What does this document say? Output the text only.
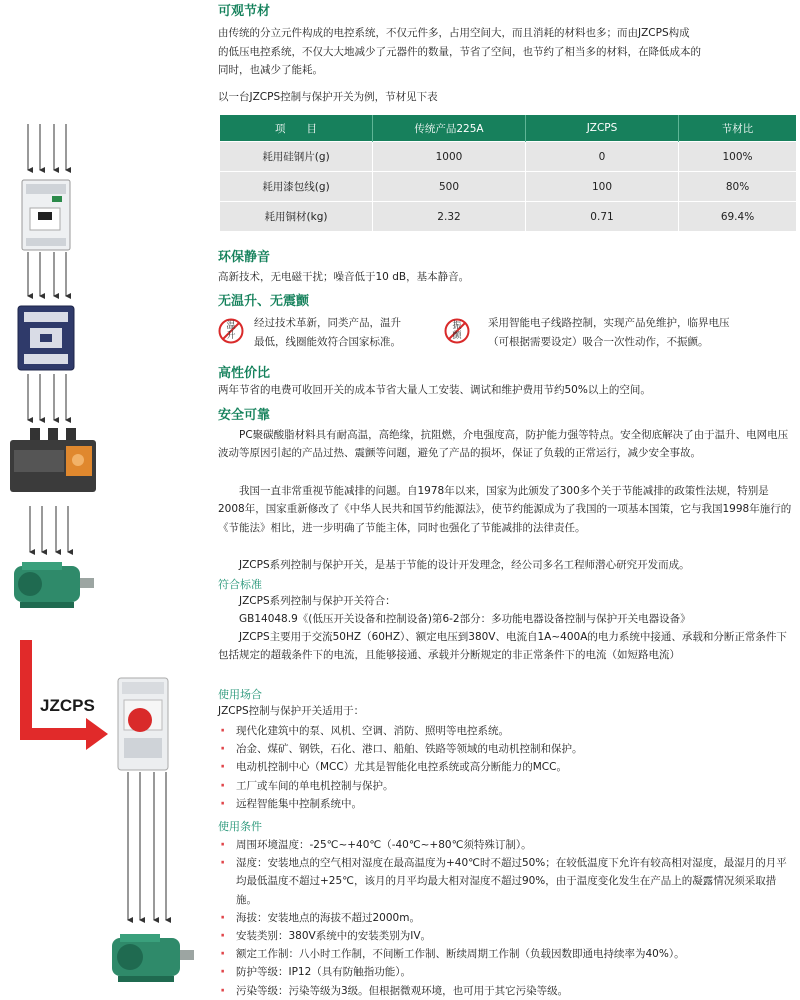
JZCPS
可观节材
由传统的分立元件构成的电控系统，不仅元件多，占用空间大，而且消耗的材料也多；而由JZCPS构成
的低压电控系统，不仅大大地减少了元器件的数量，节省了空间，也节约了相当多的材料，在降低成本的
同时，也减少了能耗。
以一台JZCPS控制与保护开关为例，节材见下表
项　　目	传统产品225A	JZCPS	节材比
耗用硅钢片(g)	1000	0	100%
耗用漆包线(g)	500	100	80%
耗用铜材(kg)	2.32	0.71	69.4%
环保静音
高新技术，无电磁干扰；噪音低于10 dB，基本静音。
无温升、无震颤
温
升
经过技术革新，同类产品，温升
最低，线圈能效符合国家标准。
振
颤
采用智能电子线路控制，实现产品免维护，临界电压
（可根据需要设定）吸合一次性动作，不振颤。
高性价比
两年节省的电费可收回开关的成本节省大量人工安装、调试和维护费用节约50%以上的空间。
安全可靠

PC聚碳酸脂材料具有耐高温，高绝缘，抗阻燃，介电强度高，防护能力强等特点。安全彻底解决了由于温升、电网电压波动等原因引起的产品过热、震颤等问题，避免了产品的损坏，保证了负载的正常运行，减少安全事故。

我国一直非常重视节能减排的问题。自1978年以来，国家为此颁发了300多个关于节能减排的政策性法规，特别是2008年，国家重新修改了《中华人民共和国节约能源法》，使节约能源成为了我国的一项基本国策，它与我国1998年施行的《节能法》相比，进一步明确了节能主体，同时也强化了节能减排的法律责任。

JZCPS系列控制与保护开关，是基于节能的设计开发理念，经公司多名工程师潜心研究开发而成。

符合标准
JZCPS系列控制与保护开关符合：
GB14048.9《(低压开关设备和控制设备)第6-2部分：多功能电器设备控制与保护开关电器设备》

JZCPS主要用于交流50HZ（60HZ）、额定电压到380V、电流自1A~400A的电力系统中接通、承载和分断正常条件下包括规定的超载条件下的电流，且能够接通、承载并分断规定的非正常条件下的电流（如短路电流）

使用场合
JZCPS控制与保护开关适用于：
· 现代化建筑中的泵、风机、空调、消防、照明等电控系统。
· 冶金、煤矿、钢铁，石化、港口、船舶、铁路等领域的电动机控制和保护。
· 电动机控制中心（MCC）尤其是智能化电控系统或高分断能力的MCC。
· 工厂或车间的单电机控制与保护。
· 远程智能集中控制系统中。
使用条件
· 周围环境温度：-25℃~+40℃（-40℃~+80℃须特殊订制）。
· 湿度：安装地点的空气相对湿度在最高温度为+40℃时不超过50%；在较低温度下允许有较高相对湿度，最湿月的月平均最低温度不超过+25℃，该月的月平均最大相对湿度不超过90%，由于温度变化发生在产品上的凝露情况须采取措施。
· 海拔：安装地点的海拔不超过2000m。
· 安装类别：380V系统中的安装类别为IV。
· 额定工作制：八小时工作制，不间断工作制、断续周期工作制（负载因数即通电持续率为40%）。
· 防护等级：IP12（具有防触指功能）。
· 污染等级：污染等级为3级。但根据微观环境，也可用于其它污染等级。
